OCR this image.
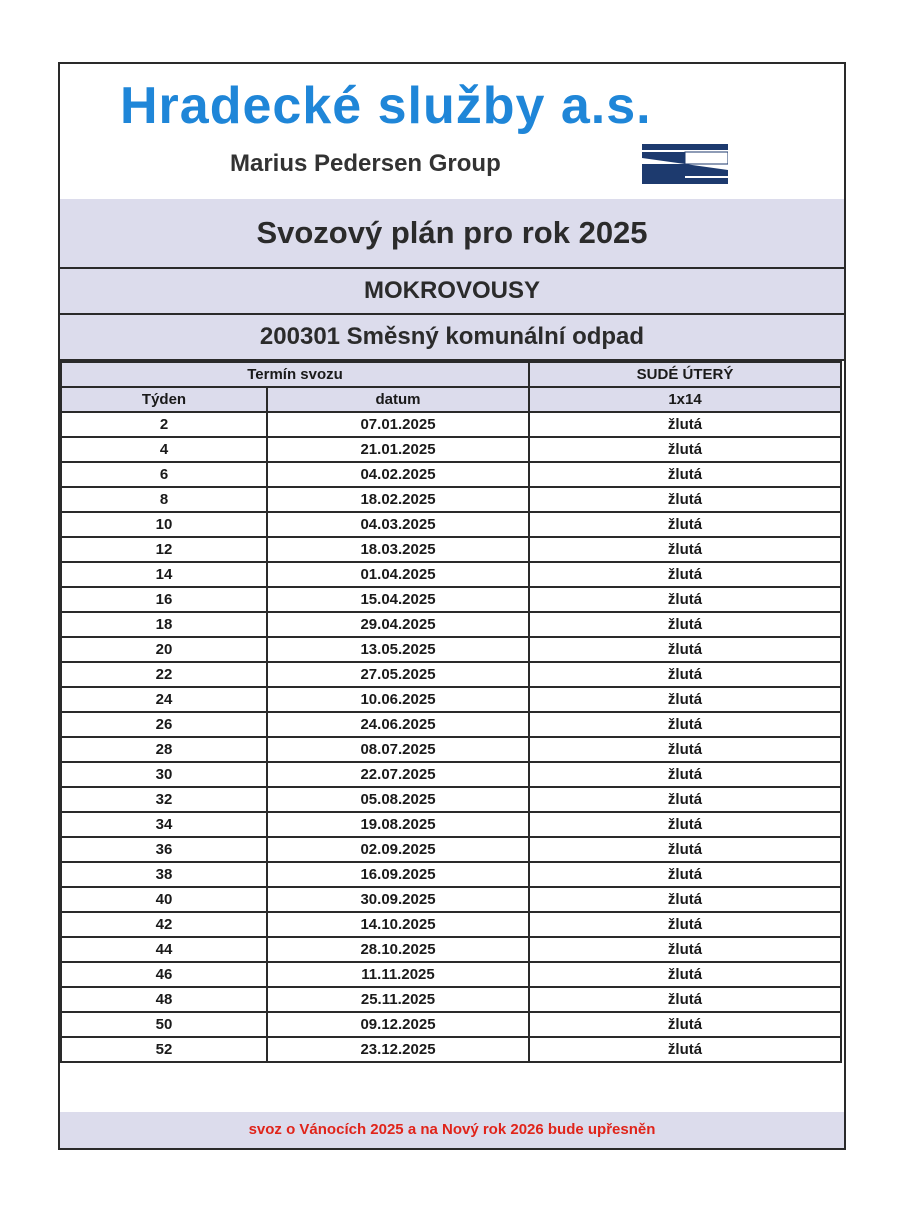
Hradecké služby a.s.
Marius Pedersen Group
Svozový plán pro rok 2025
MOKROVOUSY
200301 Směsný komunální odpad
Termín svozu		SUDÉ ÚTERÝ
Týden	datum	1x14
2	07.01.2025	žlutá
4	21.01.2025	žlutá
6	04.02.2025	žlutá
8	18.02.2025	žlutá
10	04.03.2025	žlutá
12	18.03.2025	žlutá
14	01.04.2025	žlutá
16	15.04.2025	žlutá
18	29.04.2025	žlutá
20	13.05.2025	žlutá
22	27.05.2025	žlutá
24	10.06.2025	žlutá
26	24.06.2025	žlutá
28	08.07.2025	žlutá
30	22.07.2025	žlutá
32	05.08.2025	žlutá
34	19.08.2025	žlutá
36	02.09.2025	žlutá
38	16.09.2025	žlutá
40	30.09.2025	žlutá
42	14.10.2025	žlutá
44	28.10.2025	žlutá
46	11.11.2025	žlutá
48	25.11.2025	žlutá
50	09.12.2025	žlutá
52	23.12.2025	žlutá
svoz o Vánocích 2025 a na Nový rok 2026 bude upřesněn
